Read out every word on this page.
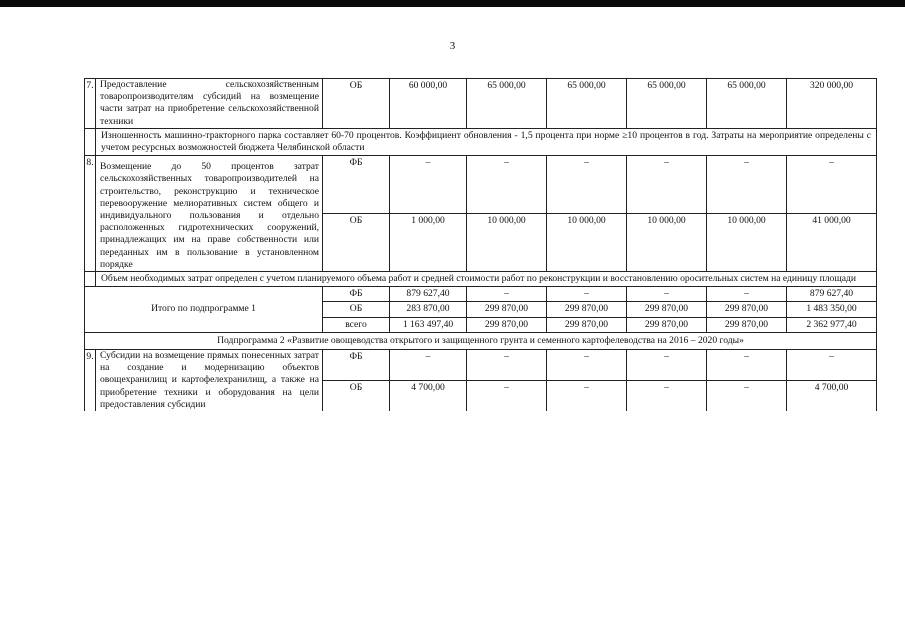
3
7.	Предоставление сельскохозяйственным товаропроизводителям субсидий на возмещение части затрат на приобретение сельскохозяйственной техники	ОБ	60 000,00	65 000,00	65 000,00	65 000,00	65 000,00	320 000,00
	Изношенность машинно-тракторного парка составляет 60-70 процентов. Коэффициент обновления - 1,5 процента при норме ≥10 процентов в год. Затраты на мероприятие определены с учетом ресурсных возможностей бюджета Челябинской области							
8.	Возмещение до 50 процентов затрат сельскохозяйственных товаропроизводителей на строительство, реконструкцию и техническое перевооружение мелиоративных систем общего и индивидуального пользования и отдельно расположенных гидротехнических сооружений, принадлежащих им на праве собственности или переданных им в пользование в установленном порядке	ФБ	–	–	–	–	–	–
		ОБ	1 000,00	10 000,00	10 000,00	10 000,00	10 000,00	41 000,00
	Объем необходимых затрат определен с учетом планируемого объема работ и средней стоимости работ по реконструкции и восстановлению оросительных систем на единицу площади							
Итого по подпрограмме 1		ФБ	879 627,40	–	–	–	–	879 627,40
		ОБ	283 870,00	299 870,00	299 870,00	299 870,00	299 870,00	1 483 350,00
		всего	1 163 497,40	299 870,00	299 870,00	299 870,00	299 870,00	2 362 977,40
Подпрограмма 2 «Развитие овощеводства открытого и защищенного грунта и семенного картофелеводства на 2016 – 2020 годы»								
9.	Субсидии на возмещение прямых понесенных затрат на создание и модернизацию объектов овощехранилищ и картофелехранилищ, а также на приобретение техники и оборудования на цели предоставления субсидии	ФБ	–	–	–	–	–	–
		ОБ	4 700,00	–	–	–	–	4 700,00
